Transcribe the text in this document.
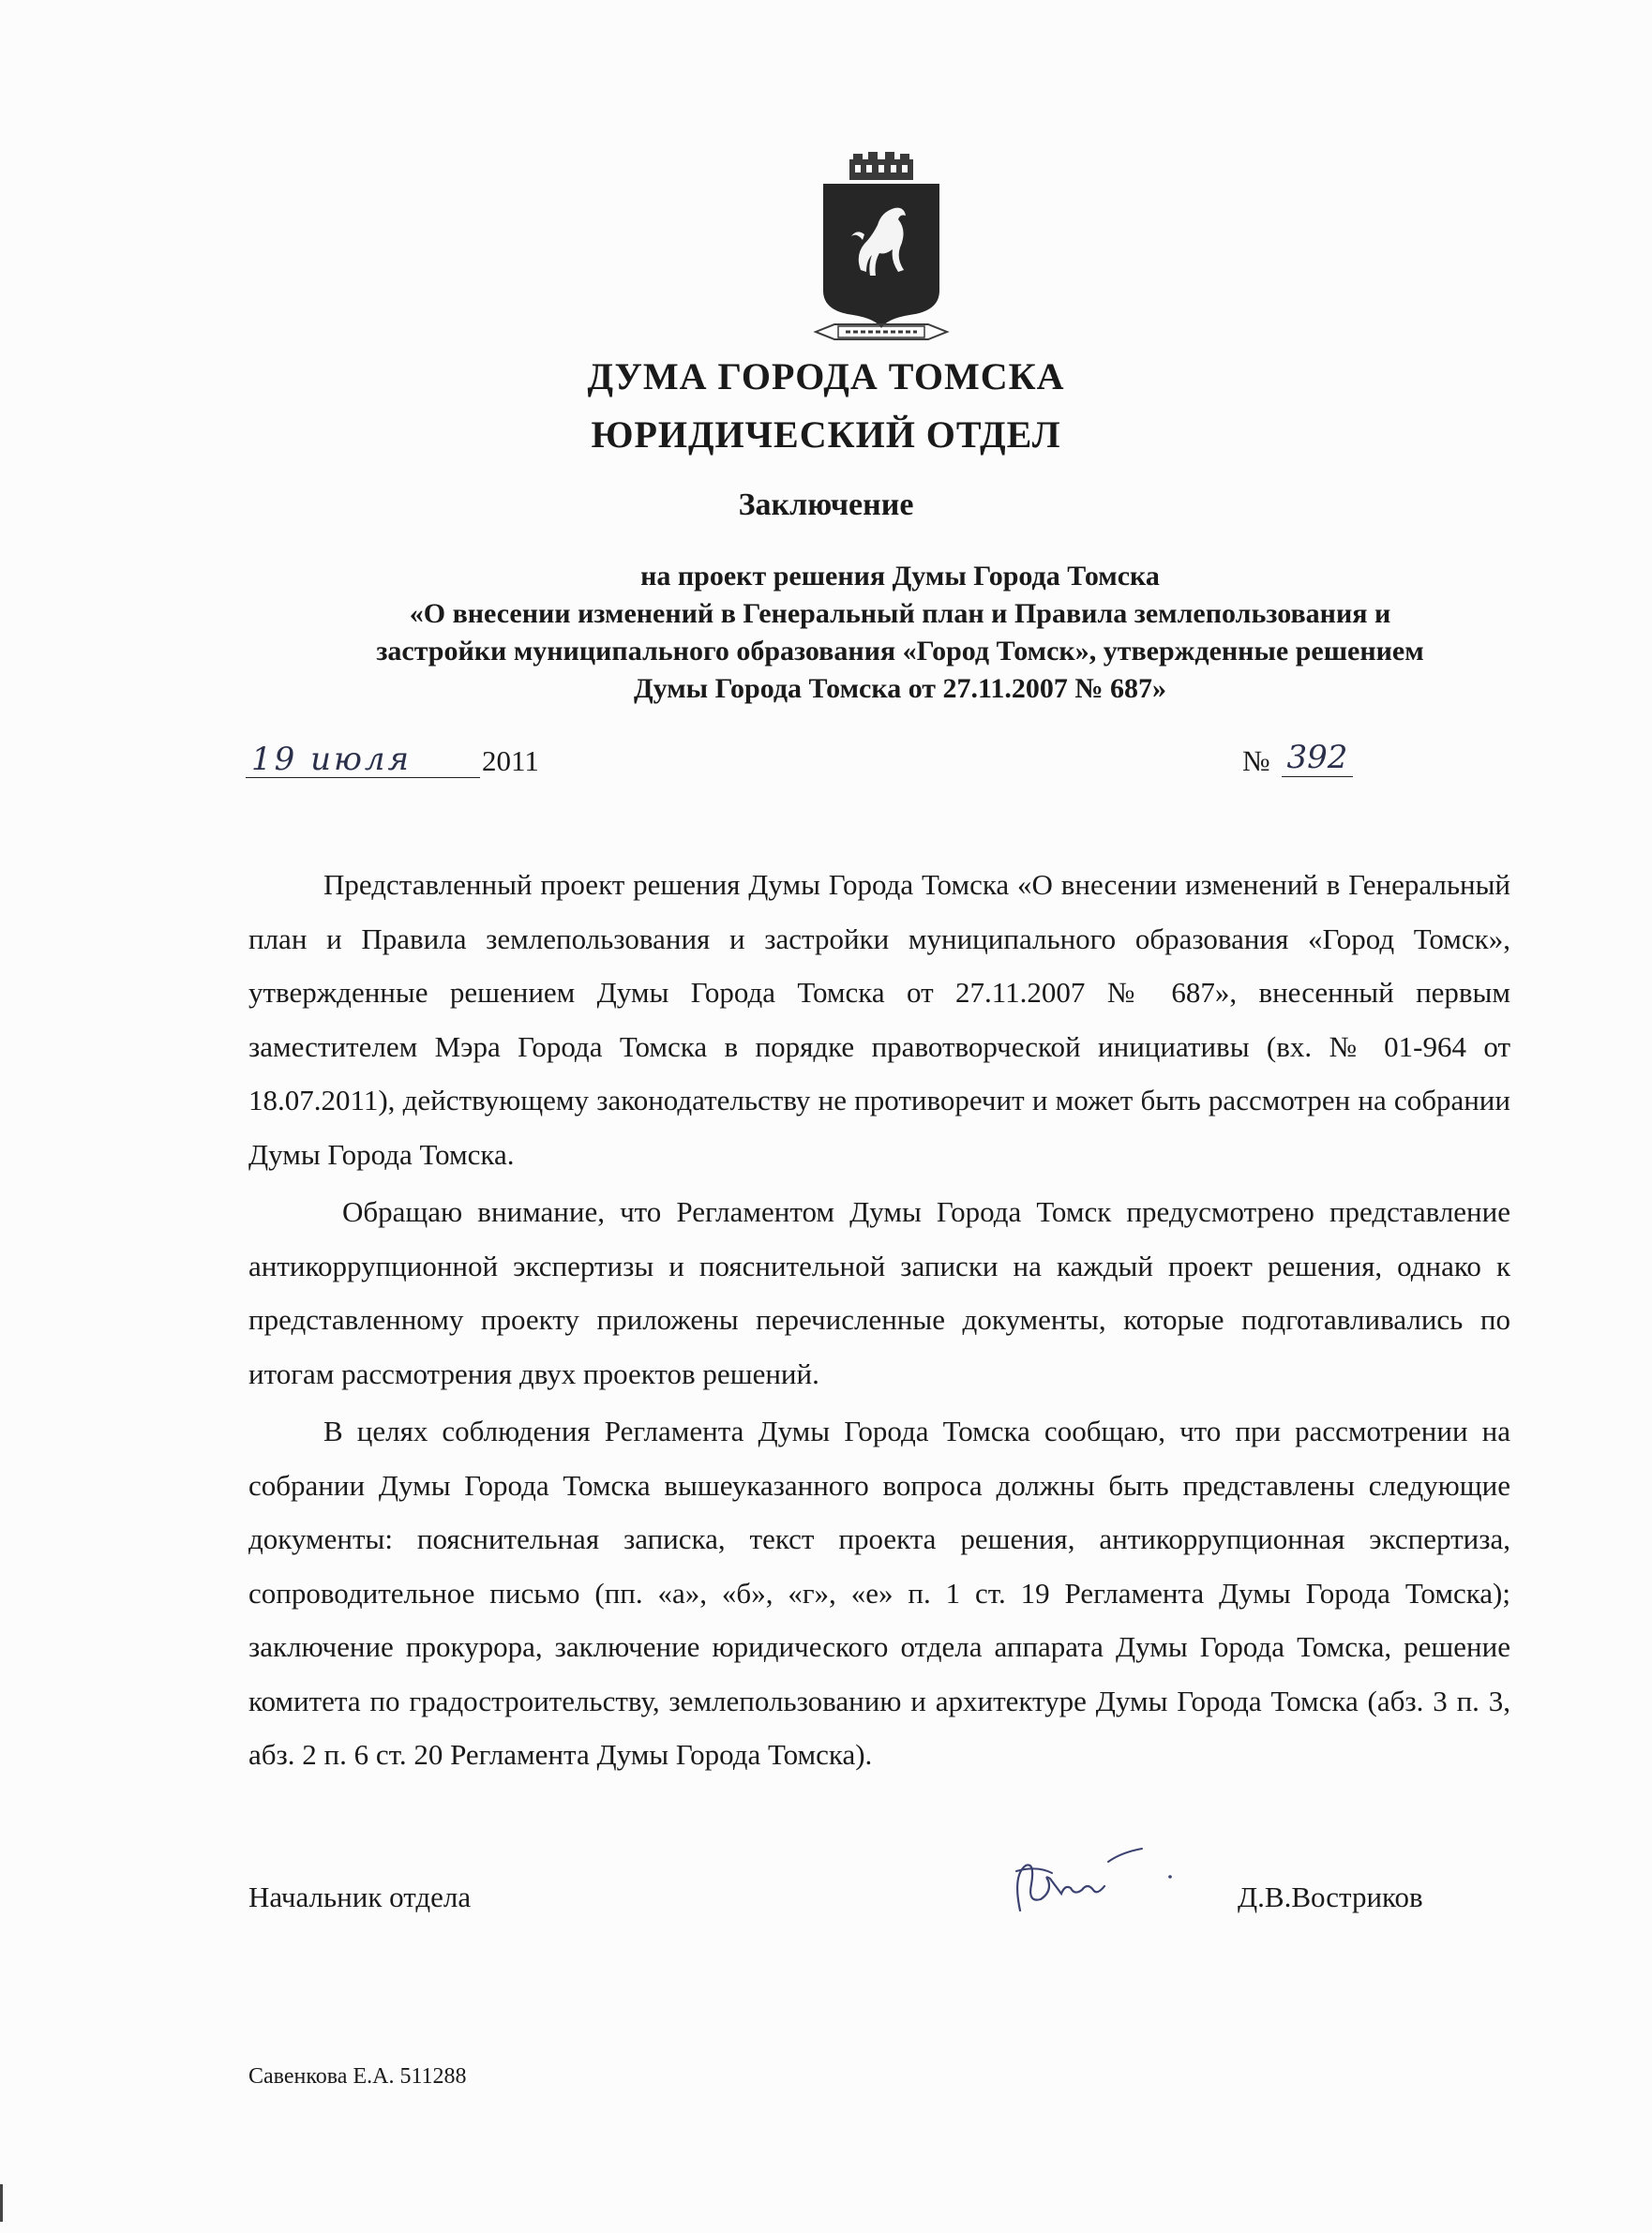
ДУМА ГОРОДА ТОМСКА
ЮРИДИЧЕСКИЙ ОТДЕЛ
Заключение
на проект решения Думы Города Томска
«О внесении изменений в Генеральный план и Правила землепользования и
застройки муниципального образования «Город Томск», утвержденные решением
Думы Города Томска от 27.11.2007 № 687»
19 июля	2011	№ 392

Представленный проект решения Думы Города Томска «О внесении изменений в Генеральный план и Правила землепользования и застройки муниципального образования «Город Томск», утвержденные решением Думы Города Томска от 27.11.2007 № 687», внесенный первым заместителем Мэра Города Томска в порядке правотворческой инициативы (вх. № 01-964 от 18.07.2011), действующему законодательству не противоречит и может быть рассмотрен на собрании Думы Города Томска.

Обращаю внимание, что Регламентом Думы Города Томск предусмотрено представление антикоррупционной экспертизы и пояснительной записки на каждый проект решения, однако к представленному проекту приложены перечисленные документы, которые подготавливались по итогам рассмотрения двух проектов решений.

В целях соблюдения Регламента Думы Города Томска сообщаю, что при рассмотрении на собрании Думы Города Томска вышеуказанного вопроса должны быть представлены следующие документы: пояснительная записка, текст проекта решения, антикоррупционная экспертиза, сопроводительное письмо (пп. «а», «б», «г», «е» п. 1 ст. 19 Регламента Думы Города Томска); заключение прокурора, заключение юридического отдела аппарата Думы Города Томска, решение комитета по градостроительству, землепользованию и архитектуре Думы Города Томска (абз. 3 п. 3, абз. 2 п. 6 ст. 20 Регламента Думы Города Томска).

Начальник отдела	Д.В.Востриков
Савенкова Е.А. 511288
